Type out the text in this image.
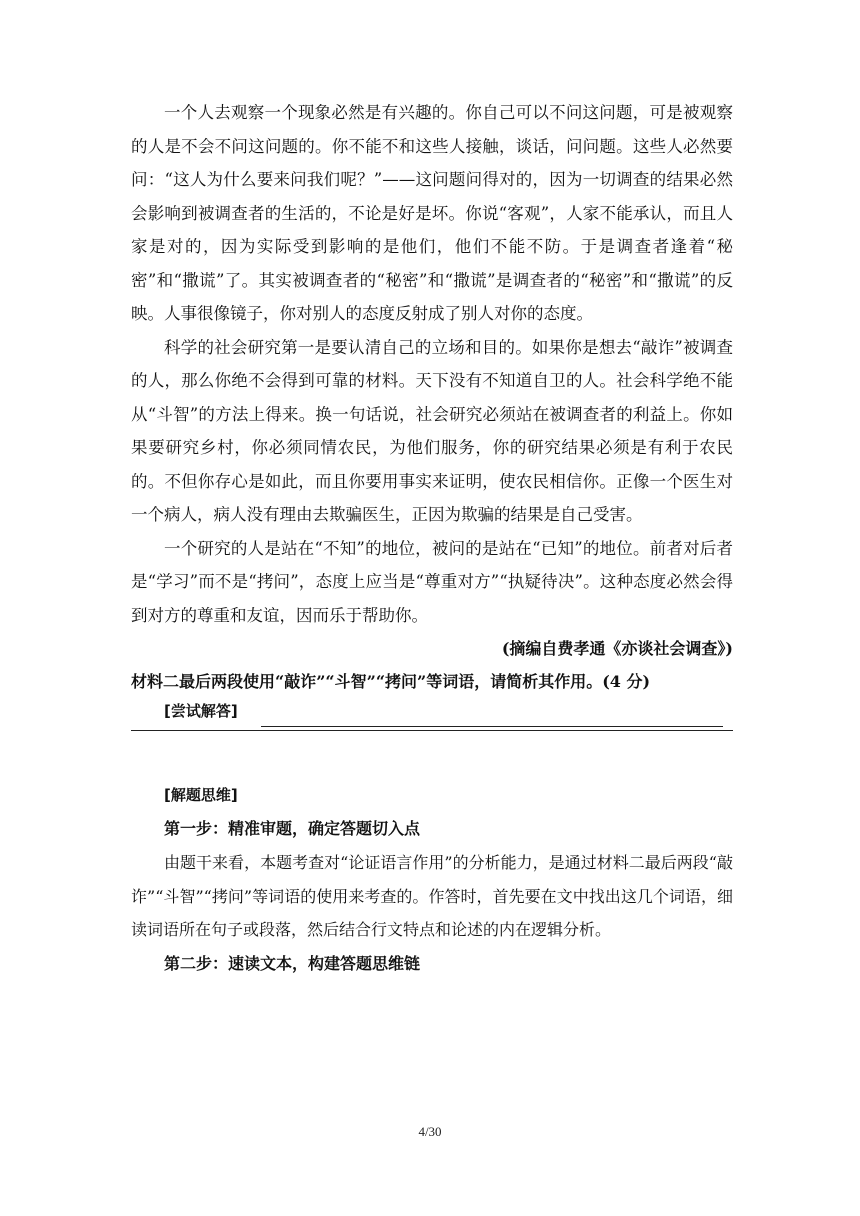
一个人去观察一个现象必然是有兴趣的。你自己可以不问这问题，可是被观察的人是不会不问这问题的。你不能不和这些人接触，谈话，问问题。这些人必然要问：“这人为什么要来问我们呢？”——这问题问得对的，因为一切调查的结果必然会影响到被调查者的生活的，不论是好是坏。你说“客观”，人家不能承认，而且人家是对的，因为实际受到影响的是他们，他们不能不防。于是调查者逢着“秘密”和“撒谎”了。其实被调查者的“秘密”和“撒谎”是调查者的“秘密”和“撒谎”的反映。人事很像镜子，你对别人的态度反射成了别人对你的态度。

科学的社会研究第一是要认清自己的立场和目的。如果你是想去“敲诈”被调查的人，那么你绝不会得到可靠的材料。天下没有不知道自卫的人。社会科学绝不能从“斗智”的方法上得来。换一句话说，社会研究必须站在被调查者的利益上。你如果要研究乡村，你必须同情农民，为他们服务，你的研究结果必须是有利于农民的。不但你存心是如此，而且你要用事实来证明，使农民相信你。正像一个医生对一个病人，病人没有理由去欺骗医生，正因为欺骗的结果是自己受害。

一个研究的人是站在“不知”的地位，被问的是站在“已知”的地位。前者对后者是“学习”而不是“拷问”，态度上应当是“尊重对方”“执疑待决”。这种态度必然会得到对方的尊重和友谊，因而乐于帮助你。

(摘编自费孝通《亦谈社会调查》)

材料二最后两段使用“敲诈”“斗智”“拷问”等词语，请简析其作用。(4 分)

[尝试解答]

[解题思维]

第一步：精准审题，确定答题切入点

由题干来看，本题考查对“论证语言作用”的分析能力，是通过材料二最后两段“敲诈”“斗智”“拷问”等词语的使用来考查的。作答时，首先要在文中找出这几个词语，细读词语所在句子或段落，然后结合行文特点和论述的内在逻辑分析。

第二步：速读文本，构建答题思维链

4/30
